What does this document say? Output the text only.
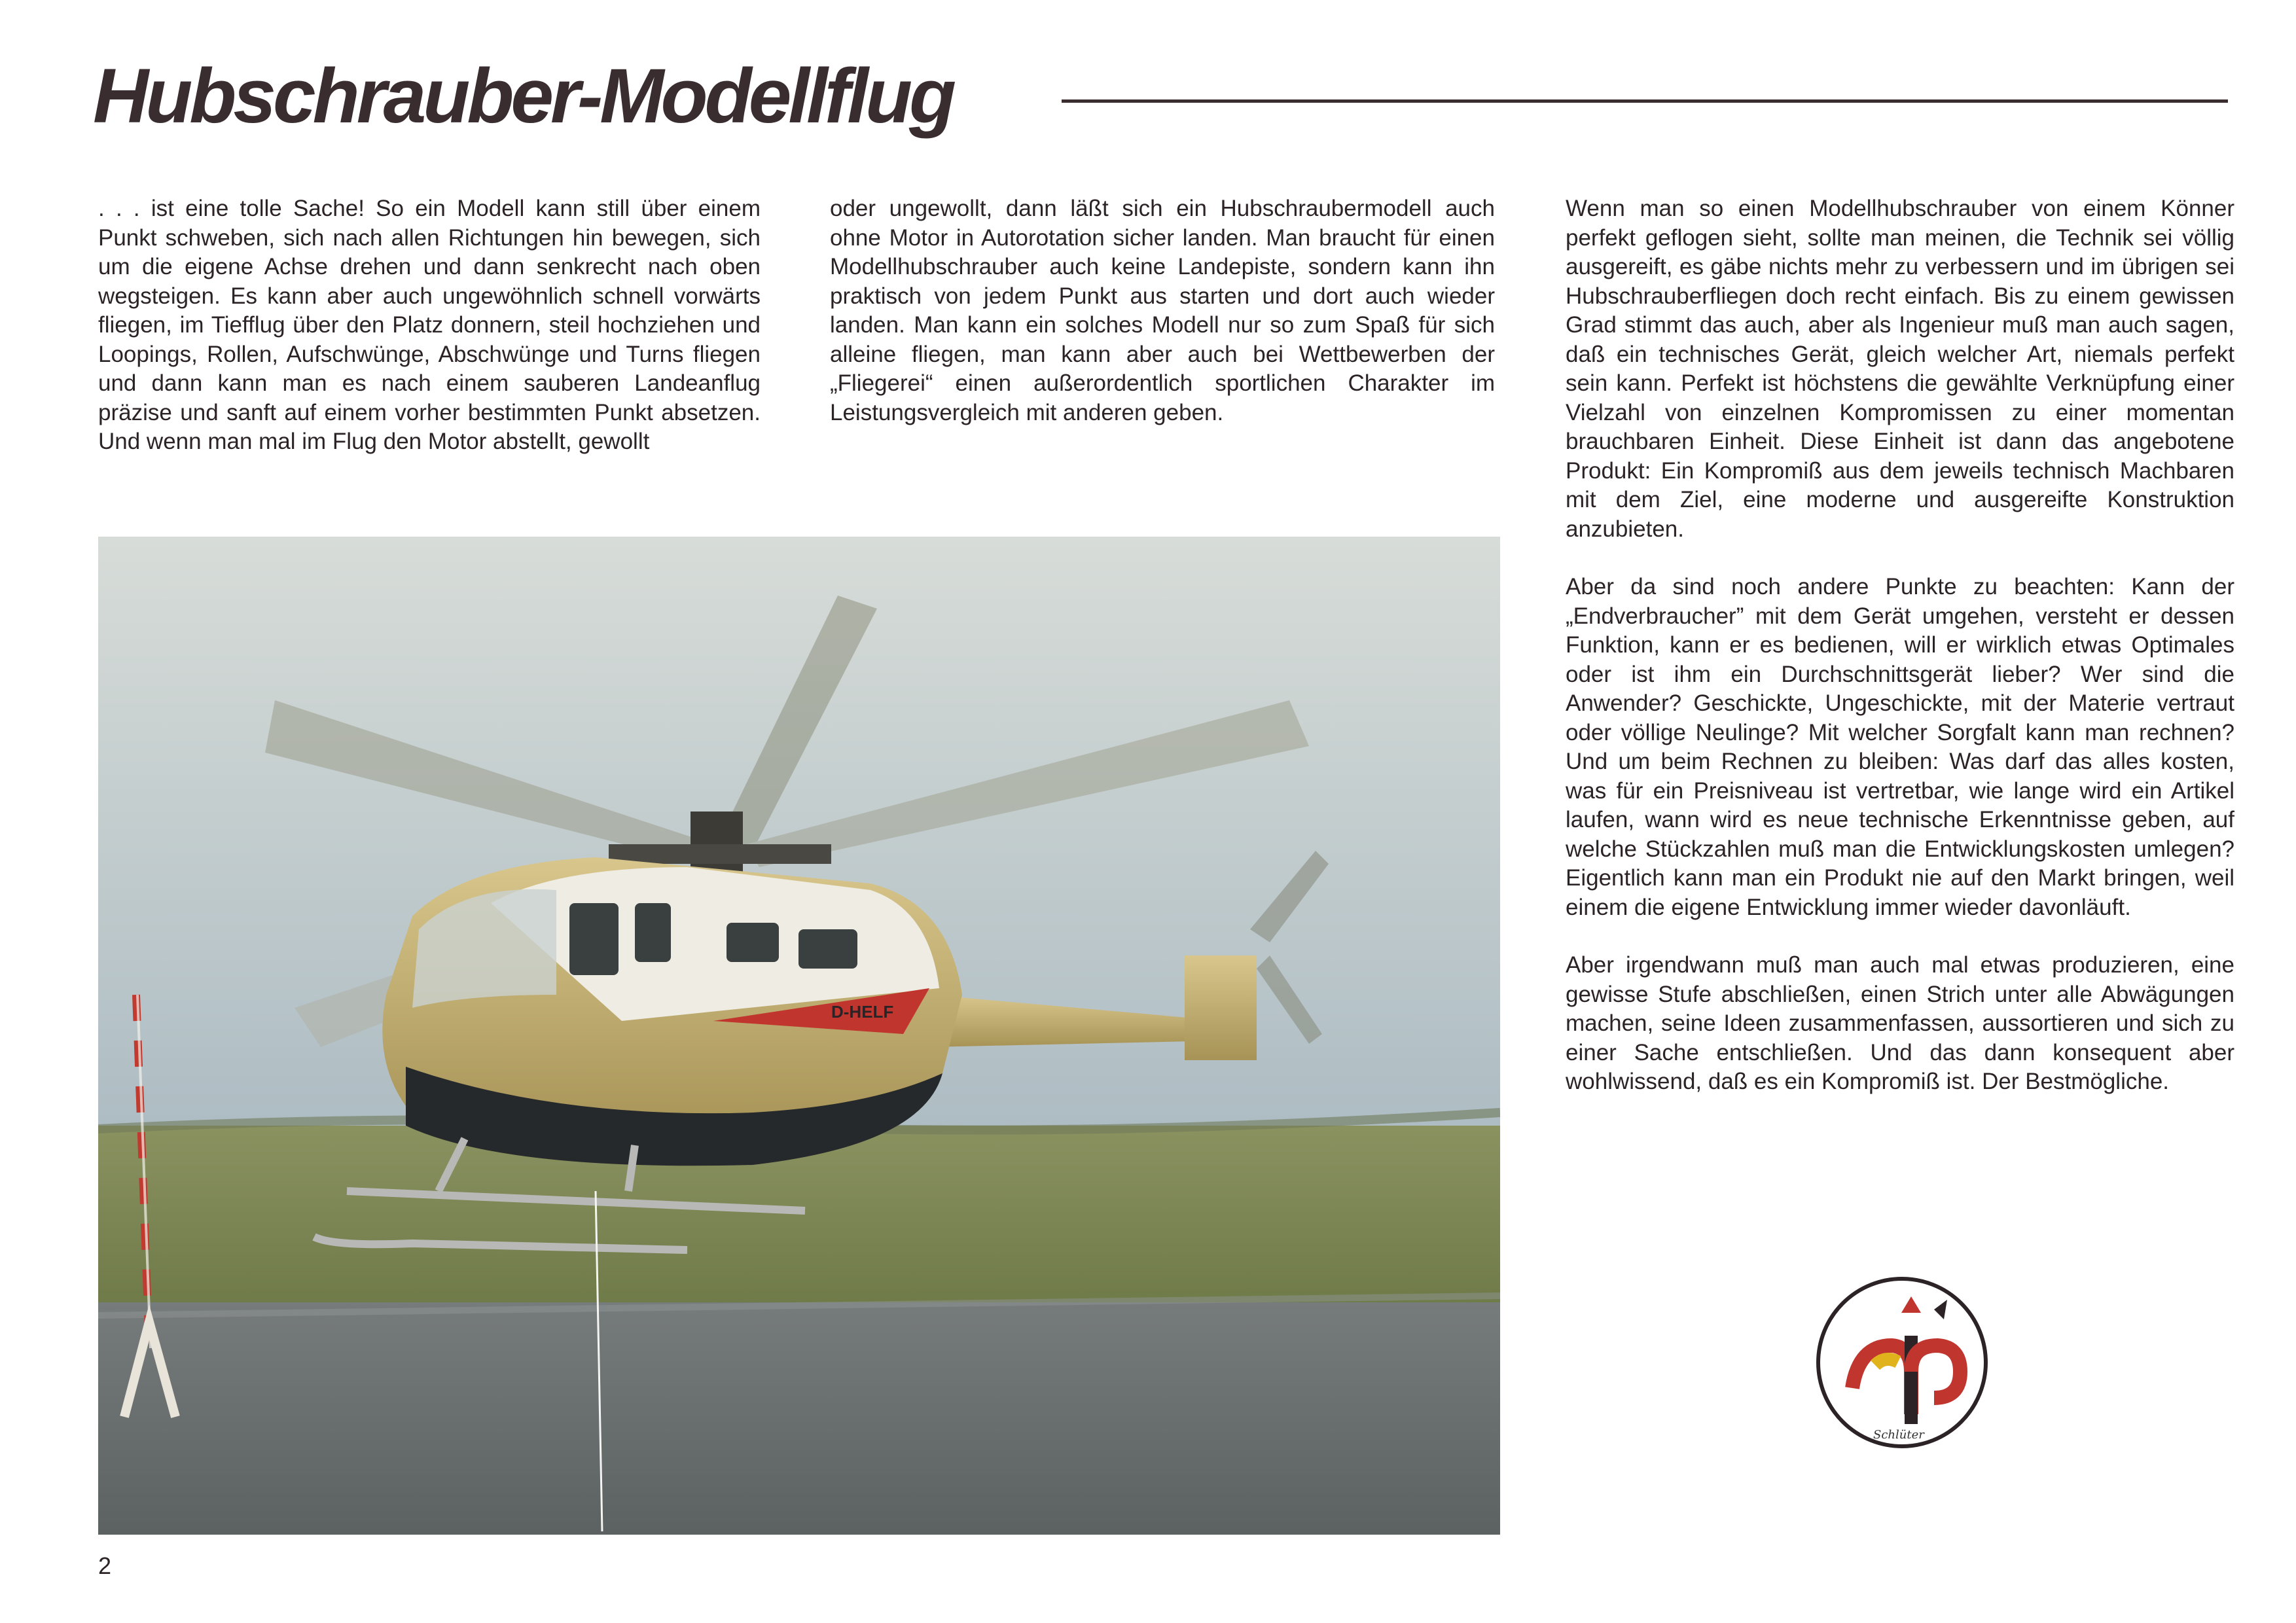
Hubschrauber-Modellflug

. . . ist eine tolle Sache! So ein Modell kann still über einem Punkt schweben, sich nach allen Richtungen hin bewegen, sich um die eigene Achse drehen und dann senkrecht nach oben wegsteigen. Es kann aber auch ungewöhnlich schnell vorwärts fliegen, im Tiefflug über den Platz donnern, steil hochziehen und Loopings, Rollen, Aufschwünge, Abschwünge und Turns fliegen und dann kann man es nach einem sauberen Landeanflug präzise und sanft auf einem vorher bestimmten Punkt absetzen. Und wenn man mal im Flug den Motor abstellt, gewollt

oder ungewollt, dann läßt sich ein Hubschraubermodell auch ohne Motor in Autorotation sicher landen. Man braucht für einen Modellhubschrauber auch keine Landepiste, sondern kann ihn praktisch von jedem Punkt aus starten und dort auch wieder landen. Man kann ein solches Modell nur so zum Spaß für sich alleine fliegen, man kann aber auch bei Wettbewerben der „Fliegerei“ einen außerordentlich sportlichen Charakter im Leistungsvergleich mit anderen geben.

Wenn man so einen Modellhubschrauber von einem Könner perfekt geflogen sieht, sollte man meinen, die Technik sei völlig ausgereift, es gäbe nichts mehr zu verbessern und im übrigen sei Hubschrauberfliegen doch recht einfach. Bis zu einem gewissen Grad stimmt das auch, aber als Ingenieur muß man auch sagen, daß ein technisches Gerät, gleich welcher Art, niemals perfekt sein kann. Perfekt ist höchstens die gewählte Verknüpfung einer Vielzahl von einzelnen Kompromissen zu einer momentan brauchbaren Einheit. Diese Einheit ist dann das angebotene Produkt: Ein Kompromiß aus dem jeweils technisch Machbaren mit dem Ziel, eine moderne und ausgereifte Konstruktion anzubieten.

Aber da sind noch andere Punkte zu beachten: Kann der „Endverbraucher” mit dem Gerät umgehen, versteht er dessen Funktion, kann er es bedienen, will er wirklich etwas Optimales oder ist ihm ein Durchschnittsgerät lieber? Wer sind die Anwender? Geschickte, Ungeschickte, mit der Materie vertraut oder völlige Neulinge? Mit welcher Sorgfalt kann man rechnen? Und um beim Rechnen zu bleiben: Was darf das alles kosten, was für ein Preisniveau ist vertretbar, wie lange wird ein Artikel laufen, wann wird es neue technische Erkenntnisse geben, auf welche Stückzahlen muß man die Entwicklungskosten umlegen? Eigentlich kann man ein Produkt nie auf den Markt bringen, weil einem die eigene Entwicklung immer wieder davonläuft.

Aber irgendwann muß man auch mal etwas produzieren, eine gewisse Stufe abschließen, einen Strich unter alle Abwägungen machen, seine Ideen zusammenfassen, aussortieren und sich zu einer Sache entschließen. Und das dann konsequent aber wohlwissend, daß es ein Kompromiß ist. Der Bestmögliche.

D-HELF
Schlüter
2
